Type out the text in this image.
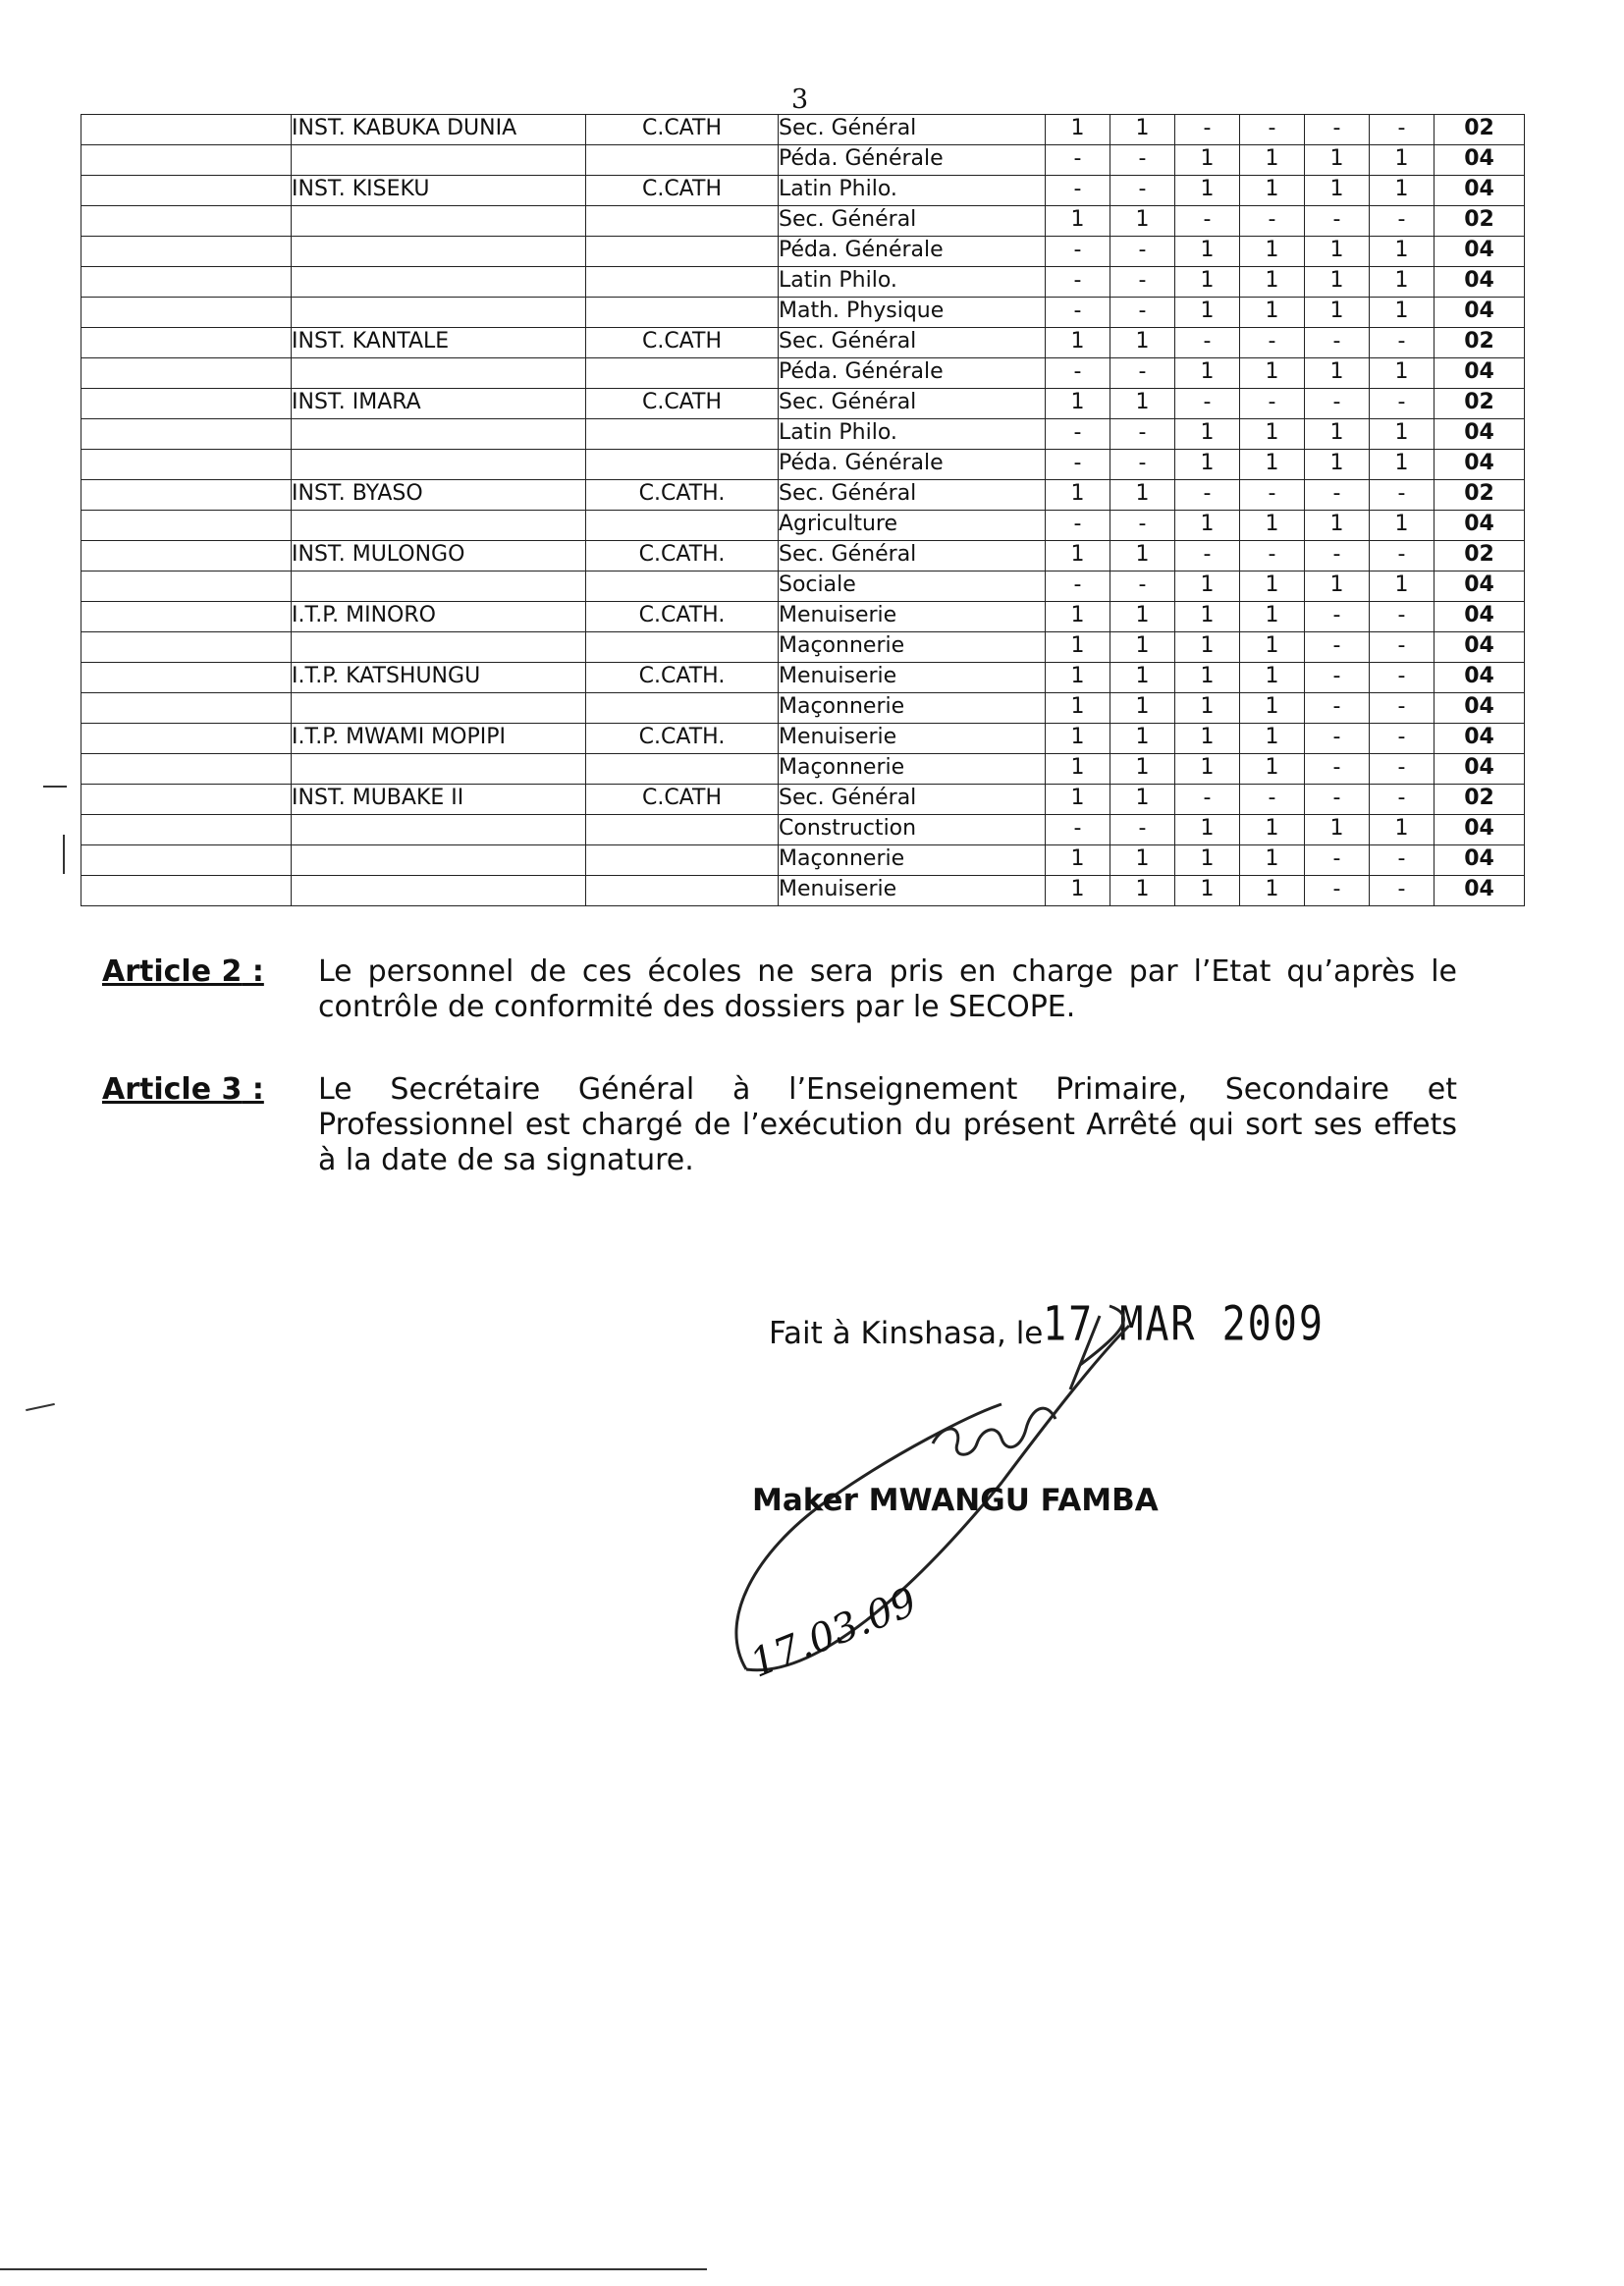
3
	INST. KABUKA DUNIA	C.CATH	Sec. Général	1	1	-	-	-	-	02
			Péda. Générale	-	-	1	1	1	1	04
	INST. KISEKU	C.CATH	Latin Philo.	-	-	1	1	1	1	04
			Sec. Général	1	1	-	-	-	-	02
			Péda. Générale	-	-	1	1	1	1	04
			Latin Philo.	-	-	1	1	1	1	04
			Math. Physique	-	-	1	1	1	1	04
	INST. KANTALE	C.CATH	Sec. Général	1	1	-	-	-	-	02
			Péda. Générale	-	-	1	1	1	1	04
	INST. IMARA	C.CATH	Sec. Général	1	1	-	-	-	-	02
			Latin Philo.	-	-	1	1	1	1	04
			Péda. Générale	-	-	1	1	1	1	04
	INST. BYASO	C.CATH.	Sec. Général	1	1	-	-	-	-	02
			Agriculture	-	-	1	1	1	1	04
	INST. MULONGO	C.CATH.	Sec. Général	1	1	-	-	-	-	02
			Sociale	-	-	1	1	1	1	04
	I.T.P. MINORO	C.CATH.	Menuiserie	1	1	1	1	-	-	04
			Maçonnerie	1	1	1	1	-	-	04
	I.T.P. KATSHUNGU	C.CATH.	Menuiserie	1	1	1	1	-	-	04
			Maçonnerie	1	1	1	1	-	-	04
	I.T.P. MWAMI MOPIPI	C.CATH.	Menuiserie	1	1	1	1	-	-	04
			Maçonnerie	1	1	1	1	-	-	04
	INST. MUBAKE II	C.CATH	Sec. Général	1	1	-	-	-	-	02
			Construction	-	-	1	1	1	1	04
			Maçonnerie	1	1	1	1	-	-	04
			Menuiserie	1	1	1	1	-	-	04
Article 2 : Le personnel de ces écoles ne sera pris en charge par l’Etat qu’après le contrôle de conformité des dossiers par le SECOPE.
Article 3 : Le Secrétaire Général à l’Enseignement Primaire, Secondaire et Professionnel est chargé de l’exécution du présent Arrêté qui sort ses effets à la date de sa signature.
Fait à Kinshasa, le 17 MAR 2009
Maker MWANGU FAMBA
17.03.09
